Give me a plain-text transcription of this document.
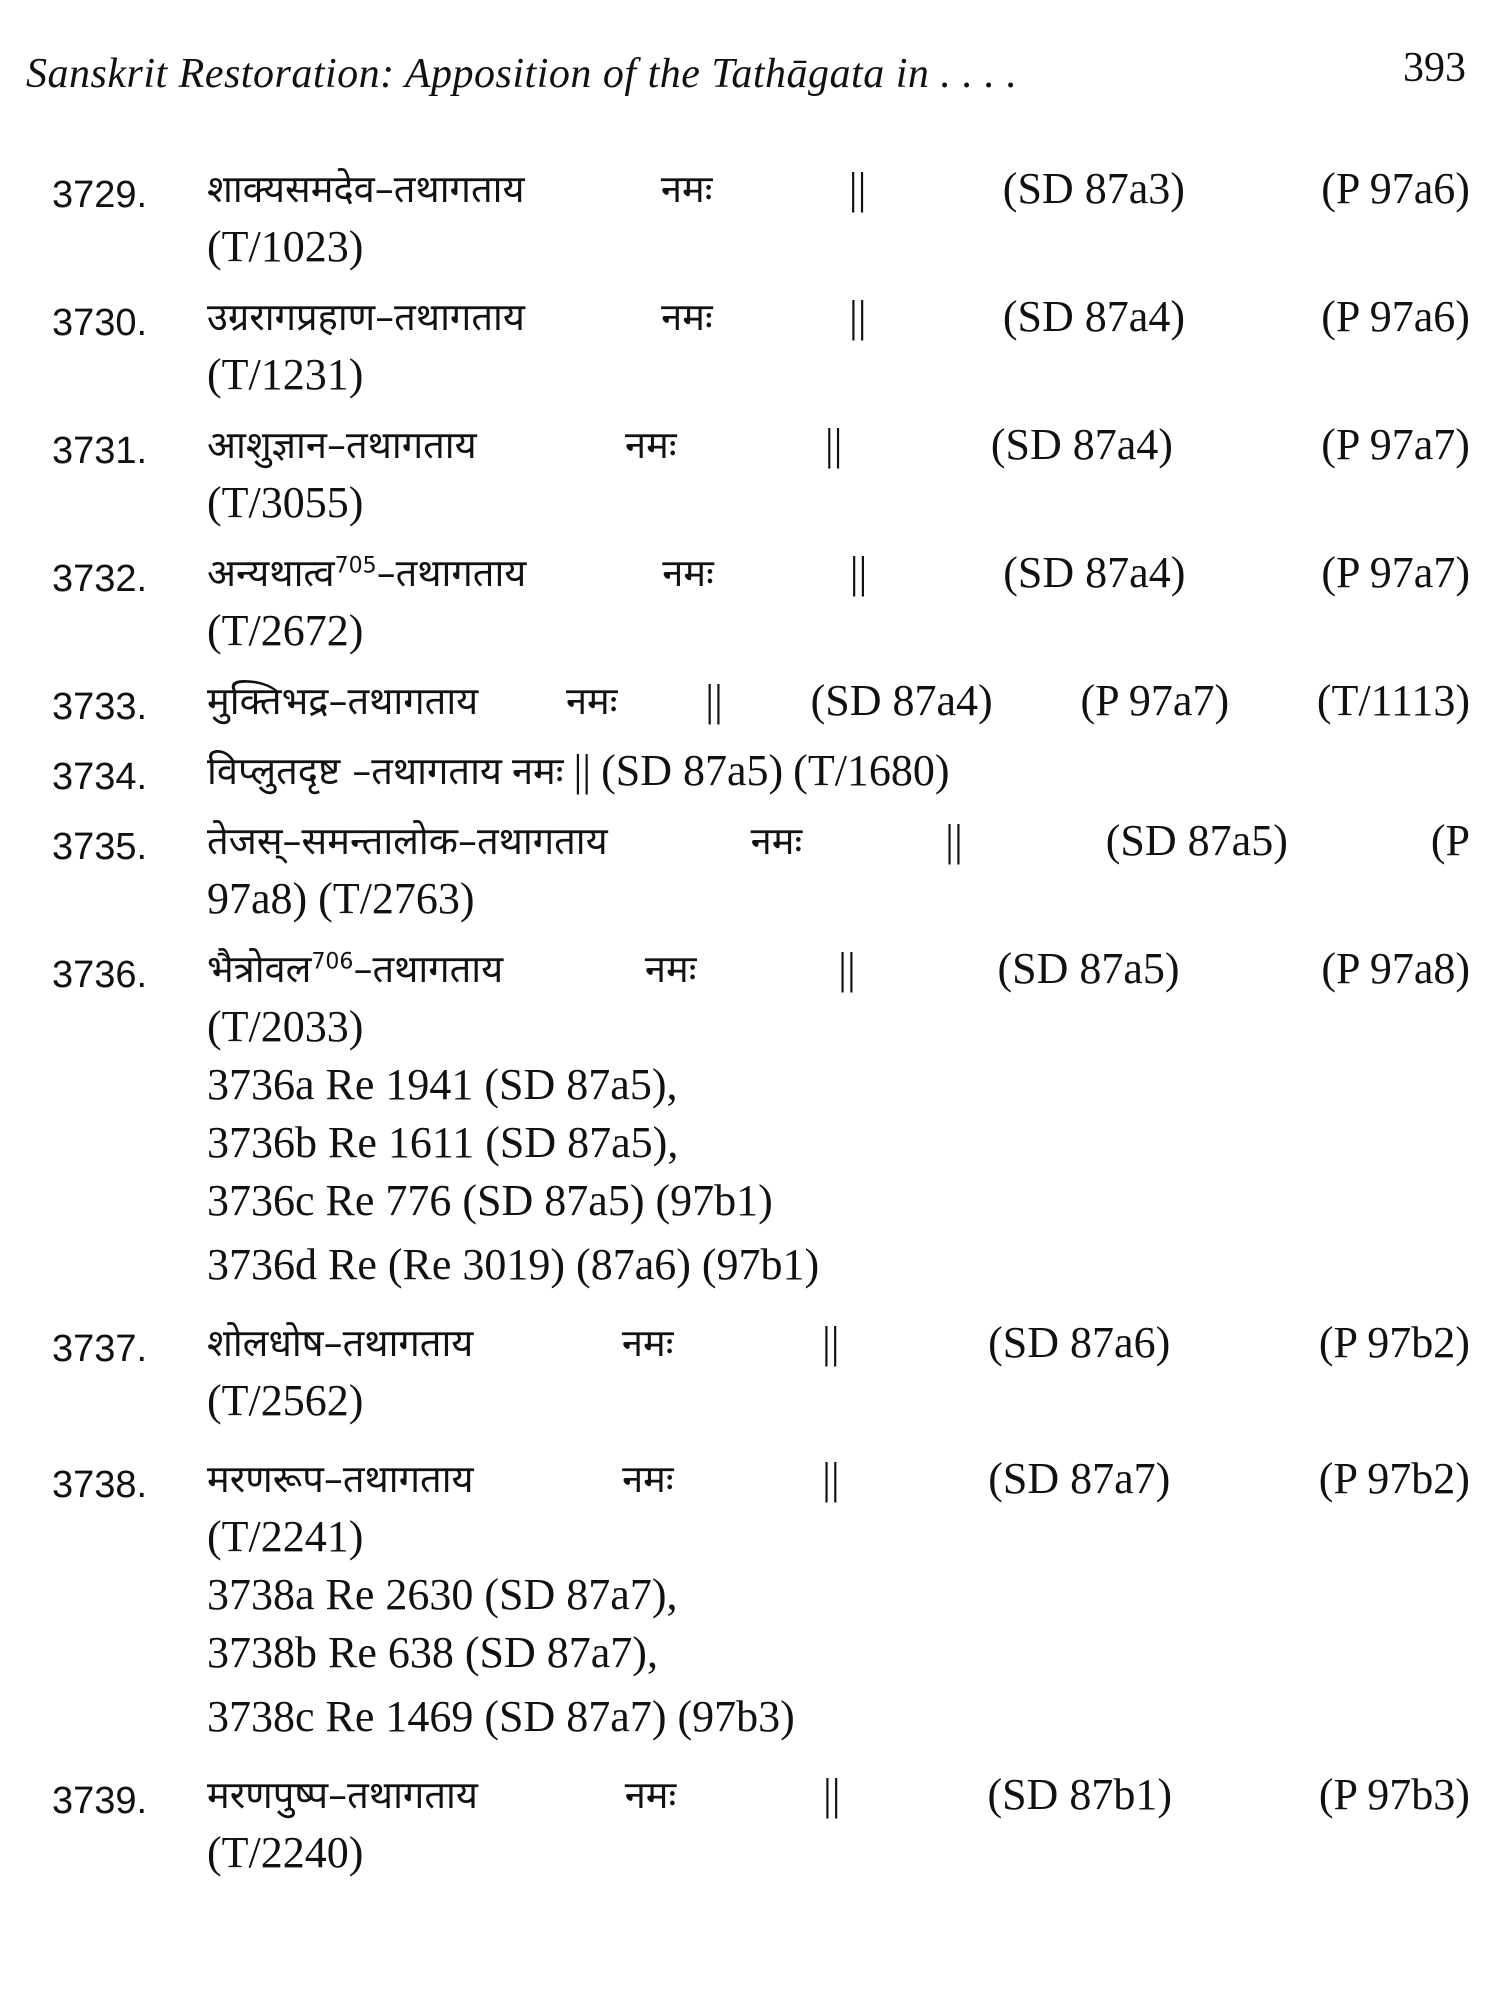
Sanskrit Restoration: Apposition of the Tathāgata in . . . .	393
3729.	शाक्यसमदेव–तथागताय	नमः	||	(SD 87a3)	(P 97a6)
(T/1023)
3730.	उग्ररागप्रहाण–तथागताय	नमः	||	(SD 87a4)	(P 97a6)
(T/1231)
3731.	आशुज्ञान–तथागताय	नमः	||	(SD 87a4)	(P 97a7)
(T/3055)
3732.	अन्यथात्व$^{705}$–तथागताय	नमः	||	(SD 87a4)	(P 97a7)
(T/2672)
3733.	मुक्तिभद्र–तथागताय नमः || (SD 87a4) (P 97a7) (T/1113)
3734.	विप्लुतदृष्ट –तथागताय नमः || (SD 87a5) (T/1680)
3735.	तेजस्–समन्तालोक–तथागताय	नमः	||	(SD 87a5)	(P
97a8) (T/2763)
3736.	भैत्रोवल$^{706}$–तथागताय	नमः	||	(SD 87a5)	(P 97a8)
(T/2033)
3736a Re 1941 (SD 87a5),
3736b Re 1611 (SD 87a5),
3736c Re 776 (SD 87a5) (97b1)
3736d Re (Re 3019) (87a6) (97b1)
3737.	शोलधोष–तथागताय	नमः	||	(SD 87a6)	(P 97b2)
(T/2562)
3738.	मरणरूप–तथागताय	नमः	||	(SD 87a7)	(P 97b2)
(T/2241)
3738a Re 2630 (SD 87a7),
3738b Re 638 (SD 87a7),
3738c Re 1469 (SD 87a7) (97b3)
3739.	मरणपुष्प–तथागताय	नमः	||	(SD 87b1)	(P 97b3)
(T/2240)
